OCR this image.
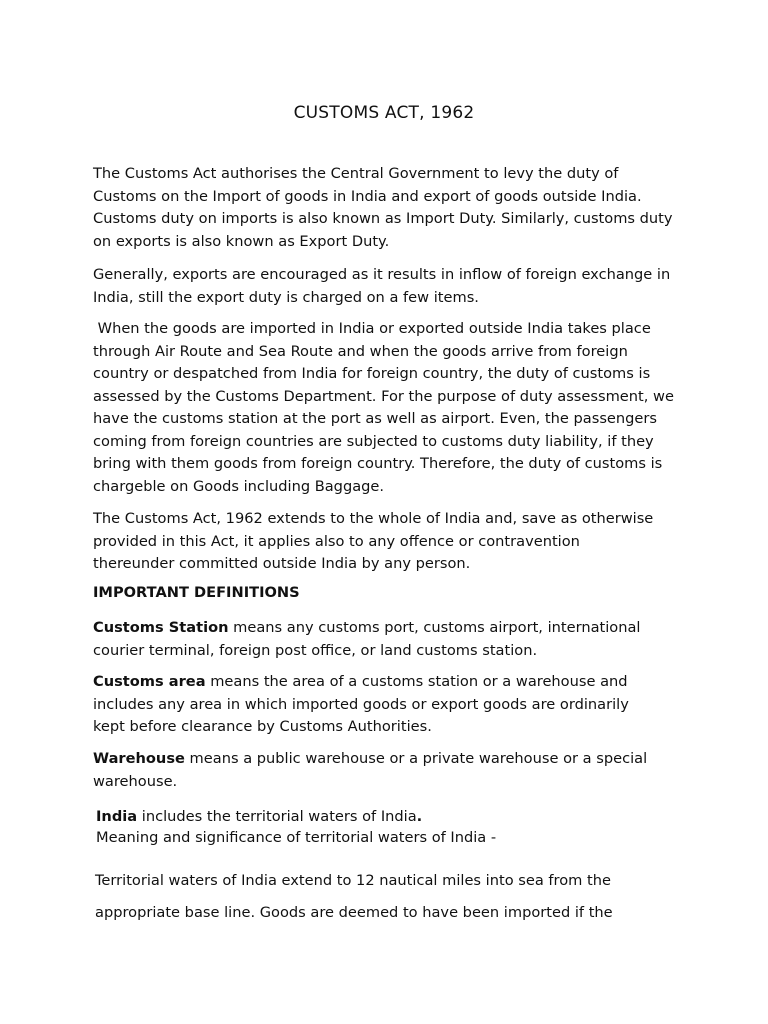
CUSTOMS ACT, 1962

The Customs Act authorises the Central Government to levy the duty of
Customs on the Import of goods in India and export of goods outside India.
Customs duty on imports is also known as Import Duty. Similarly, customs duty
on exports is also known as Export Duty.

Generally, exports are encouraged as it results in inflow of foreign exchange in
India, still the export duty is charged on a few items.

When the goods are imported in India or exported outside India takes place
through Air Route and Sea Route and when the goods arrive from foreign
country or despatched from India for foreign country, the duty of customs is
assessed by the Customs Department. For the purpose of duty assessment, we
have the customs station at the port as well as airport. Even, the passengers
coming from foreign countries are subjected to customs duty liability, if they
bring with them goods from foreign country. Therefore, the duty of customs is
chargeble on Goods including Baggage.

The Customs Act, 1962 extends to the whole of India and, save as otherwise
provided in this Act, it applies also to any offence or contravention
thereunder committed outside India by any person.

IMPORTANT DEFINITIONS

Customs Station means any customs port, customs airport, international
courier terminal, foreign post office, or land customs station.

Customs area means the area of a customs station or a warehouse and
includes any area in which imported goods or export goods are ordinarily
kept before clearance by Customs Authorities.

Warehouse means a public warehouse or a private warehouse or a special
warehouse.

India includes the territorial waters of India.
Meaning and significance of territorial waters of India -

Territorial waters of India extend to 12 nautical miles into sea from the
appropriate base line. Goods are deemed to have been imported if the
